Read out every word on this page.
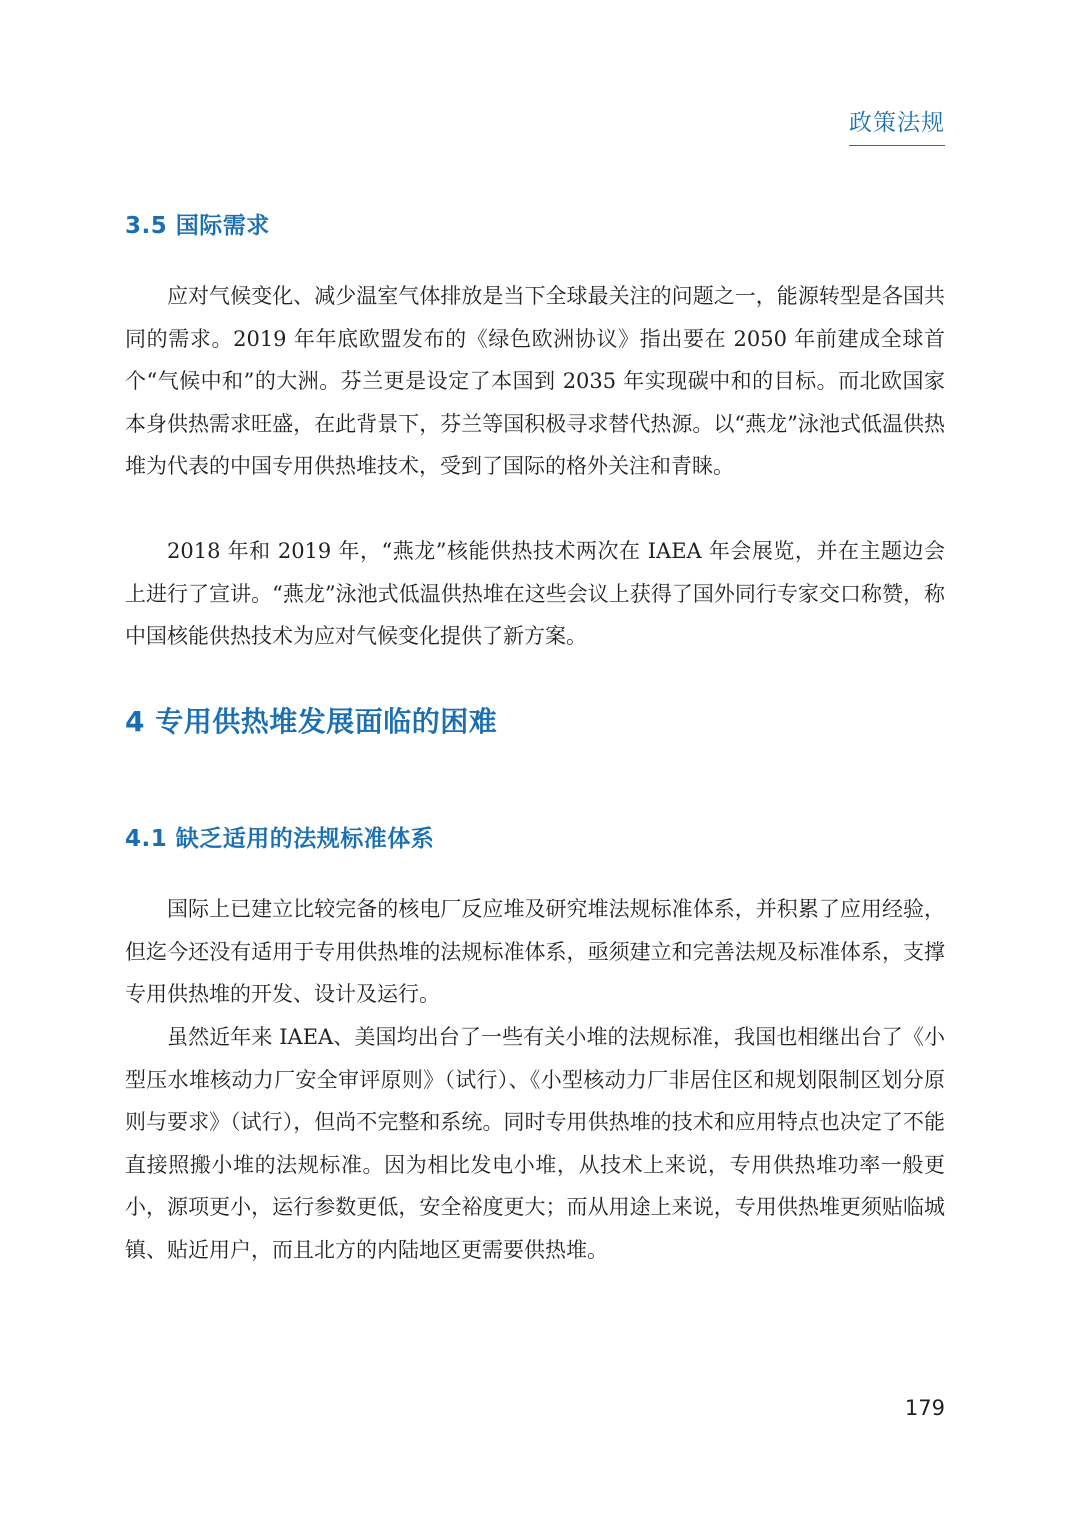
政策法规
3.5 国际需求

应对气候变化、减少温室气体排放是当下全球最关注的问题之一，能源转型是各国共同的需求。2019 年年底欧盟发布的《绿色欧洲协议》指出要在 2050 年前建成全球首个“气候中和”的大洲。芬兰更是设定了本国到 2035 年实现碳中和的目标。而北欧国家本身供热需求旺盛，在此背景下，芬兰等国积极寻求替代热源。以“燕龙”泳池式低温供热堆为代表的中国专用供热堆技术，受到了国际的格外关注和青睐。

2018 年和 2019 年，“燕龙”核能供热技术两次在 IAEA 年会展览，并在主题边会上进行了宣讲。“燕龙”泳池式低温供热堆在这些会议上获得了国外同行专家交口称赞，称中国核能供热技术为应对气候变化提供了新方案。

4 专用供热堆发展面临的困难
4.1 缺乏适用的法规标准体系

国际上已建立比较完备的核电厂反应堆及研究堆法规标准体系，并积累了应用经验，但迄今还没有适用于专用供热堆的法规标准体系，亟须建立和完善法规及标准体系，支撑专用供热堆的开发、设计及运行。

虽然近年来 IAEA、美国均出台了一些有关小堆的法规标准，我国也相继出台了《小型压水堆核动力厂安全审评原则》（试行）、《小型核动力厂非居住区和规划限制区划分原则与要求》（试行），但尚不完整和系统。同时专用供热堆的技术和应用特点也决定了不能直接照搬小堆的法规标准。因为相比发电小堆，从技术上来说，专用供热堆功率一般更小，源项更小，运行参数更低，安全裕度更大；而从用途上来说，专用供热堆更须贴临城镇、贴近用户，而且北方的内陆地区更需要供热堆。

179
